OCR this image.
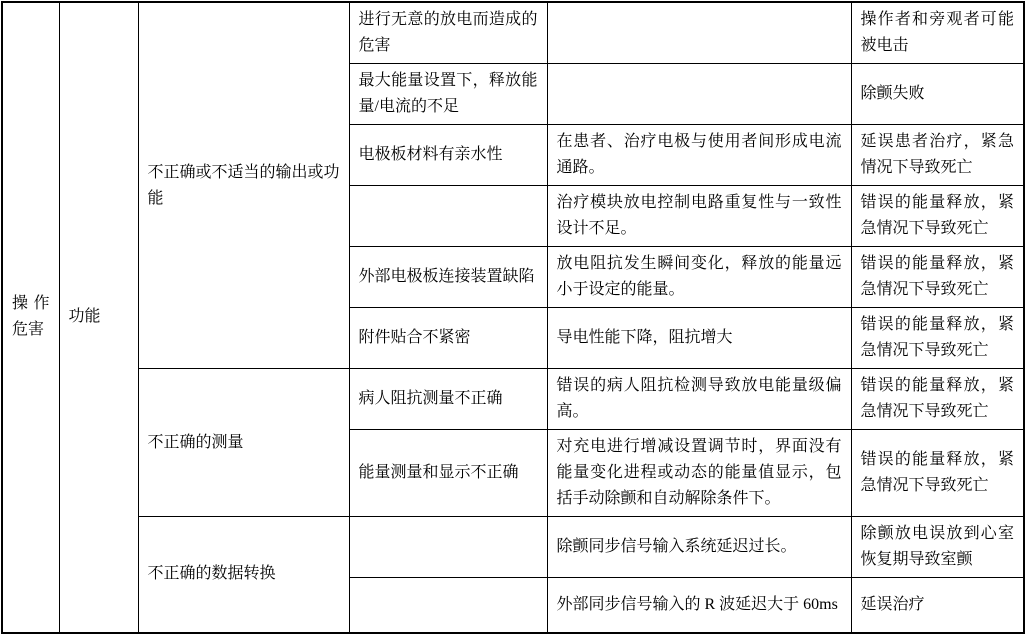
操作危害	功能	不正确或不适当的输出或功能	进行无意的放电而造成的危害		操作者和旁观者可能被电击
			最大能量设置下，释放能量/电流的不足		除颤失败
			电极板材料有亲水性	在患者、治疗电极与使用者间形成电流通路。	延误患者治疗，紧急情况下导致死亡
				治疗模块放电控制电路重复性与一致性设计不足。	错误的能量释放，紧急情况下导致死亡
			外部电极板连接装置缺陷	放电阻抗发生瞬间变化，释放的能量远小于设定的能量。	错误的能量释放，紧急情况下导致死亡
			附件贴合不紧密	导电性能下降，阻抗增大	错误的能量释放，紧急情况下导致死亡
		不正确的测量	病人阻抗测量不正确	错误的病人阻抗检测导致放电能量级偏高。	错误的能量释放，紧急情况下导致死亡
			能量测量和显示不正确	对充电进行增减设置调节时，界面没有能量变化进程或动态的能量值显示，包括手动除颤和自动解除条件下。	错误的能量释放，紧急情况下导致死亡
		不正确的数据转换		除颤同步信号输入系统延迟过长。	除颤放电误放到心室恢复期导致室颤
				外部同步信号输入的 R 波延迟大于 60ms	延误治疗
